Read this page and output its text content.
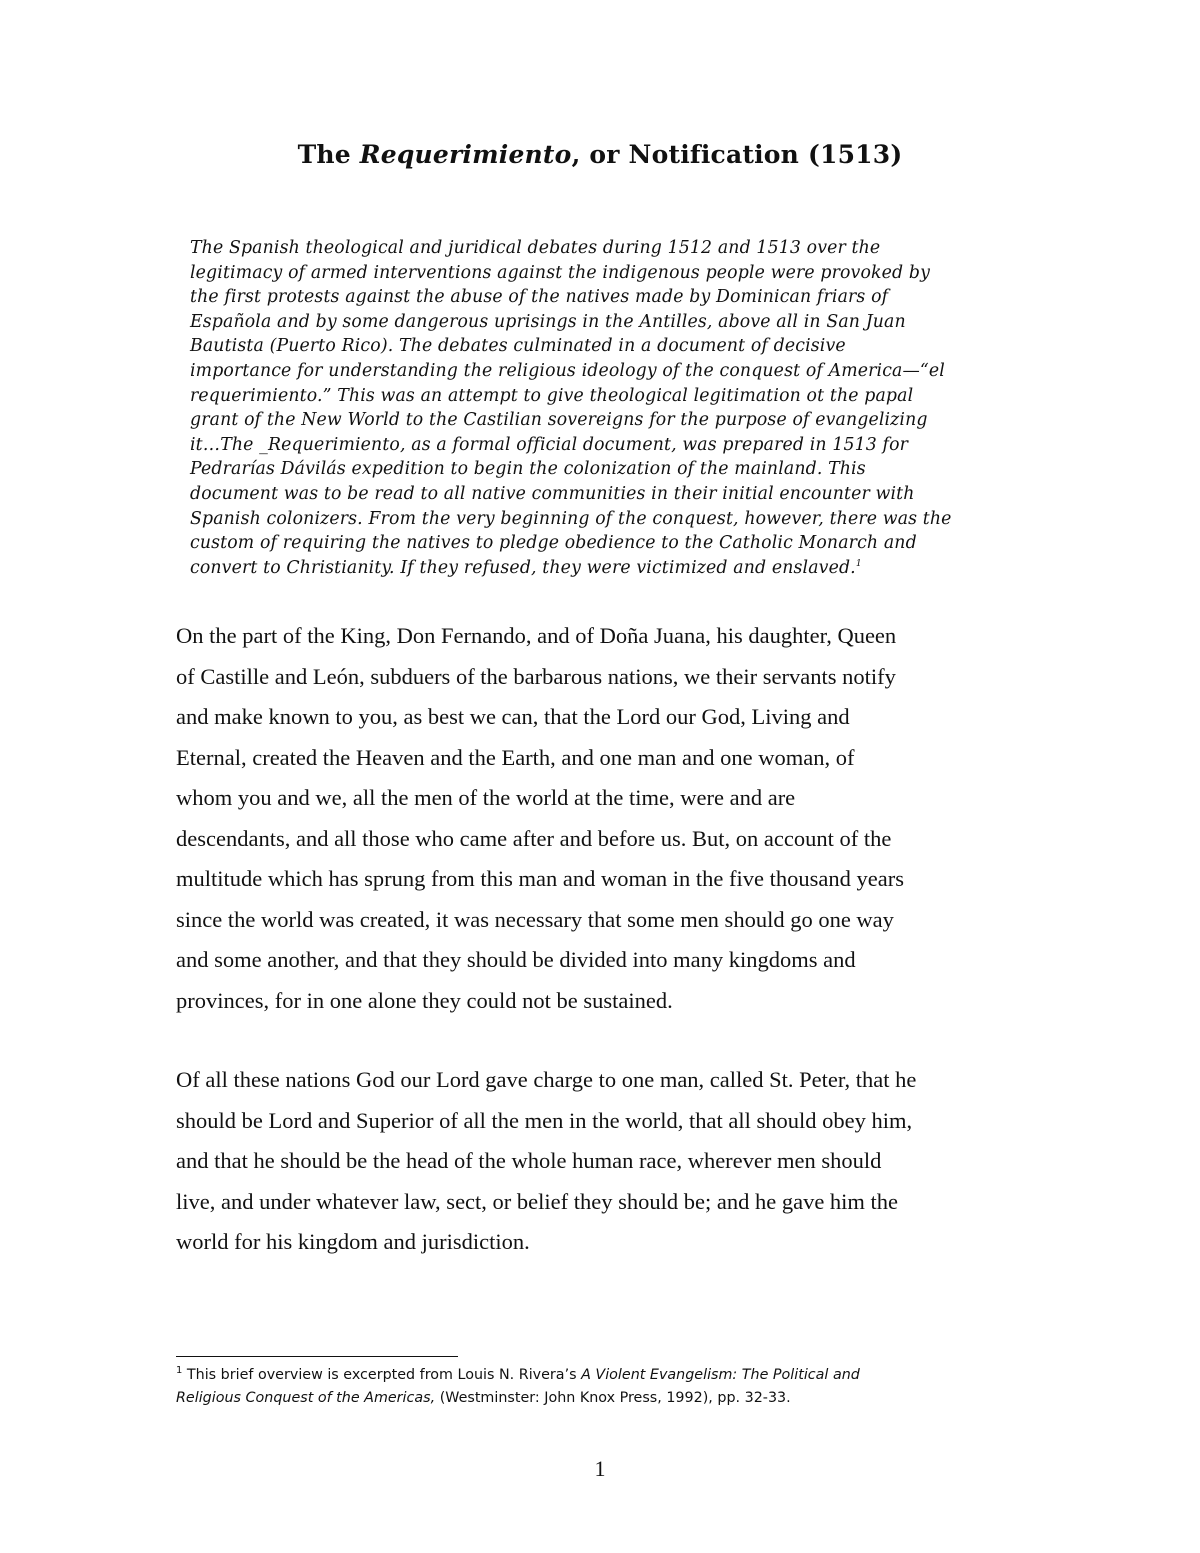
The Requerimiento, or Notification (1513)
The Spanish theological and juridical debates during 1512 and 1513 over the
legitimacy of armed interventions against the indigenous people were provoked by
the first protests against the abuse of the natives made by Dominican friars of
Española and by some dangerous uprisings in the Antilles, above all in San Juan
Bautista (Puerto Rico). The debates culminated in a document of decisive
importance for understanding the religious ideology of the conquest of America—“el
requerimiento.” This was an attempt to give theological legitimation ot the papal
grant of the New World to the Castilian sovereigns for the purpose of evangelizing
it…The _Requerimiento, as a formal official document, was prepared in 1513 for
Pedrarías Dávilás expedition to begin the colonization of the mainland. This
document was to be read to all native communities in their initial encounter with
Spanish colonizers. From the very beginning of the conquest, however, there was the
custom of requiring the natives to pledge obedience to the Catholic Monarch and
convert to Christianity. If they refused, they were victimized and enslaved.$^1$
On the part of the King, Don Fernando, and of Doña Juana, his daughter, Queen
of Castille and León, subduers of the barbarous nations, we their servants notify
and make known to you, as best we can, that the Lord our God, Living and
Eternal, created the Heaven and the Earth, and one man and one woman, of
whom you and we, all the men of the world at the time, were and are
descendants, and all those who came after and before us. But, on account of the
multitude which has sprung from this man and woman in the five thousand years
since the world was created, it was necessary that some men should go one way
and some another, and that they should be divided into many kingdoms and
provinces, for in one alone they could not be sustained.
Of all these nations God our Lord gave charge to one man, called St. Peter, that he
should be Lord and Superior of all the men in the world, that all should obey him,
and that he should be the head of the whole human race, wherever men should
live, and under whatever law, sect, or belief they should be; and he gave him the
world for his kingdom and jurisdiction.
$^1$ This brief overview is excerpted from Louis N. Rivera’s A Violent Evangelism: The Political and
Religious Conquest of the Americas, (Westminster: John Knox Press, 1992), pp. 32-33.
1
